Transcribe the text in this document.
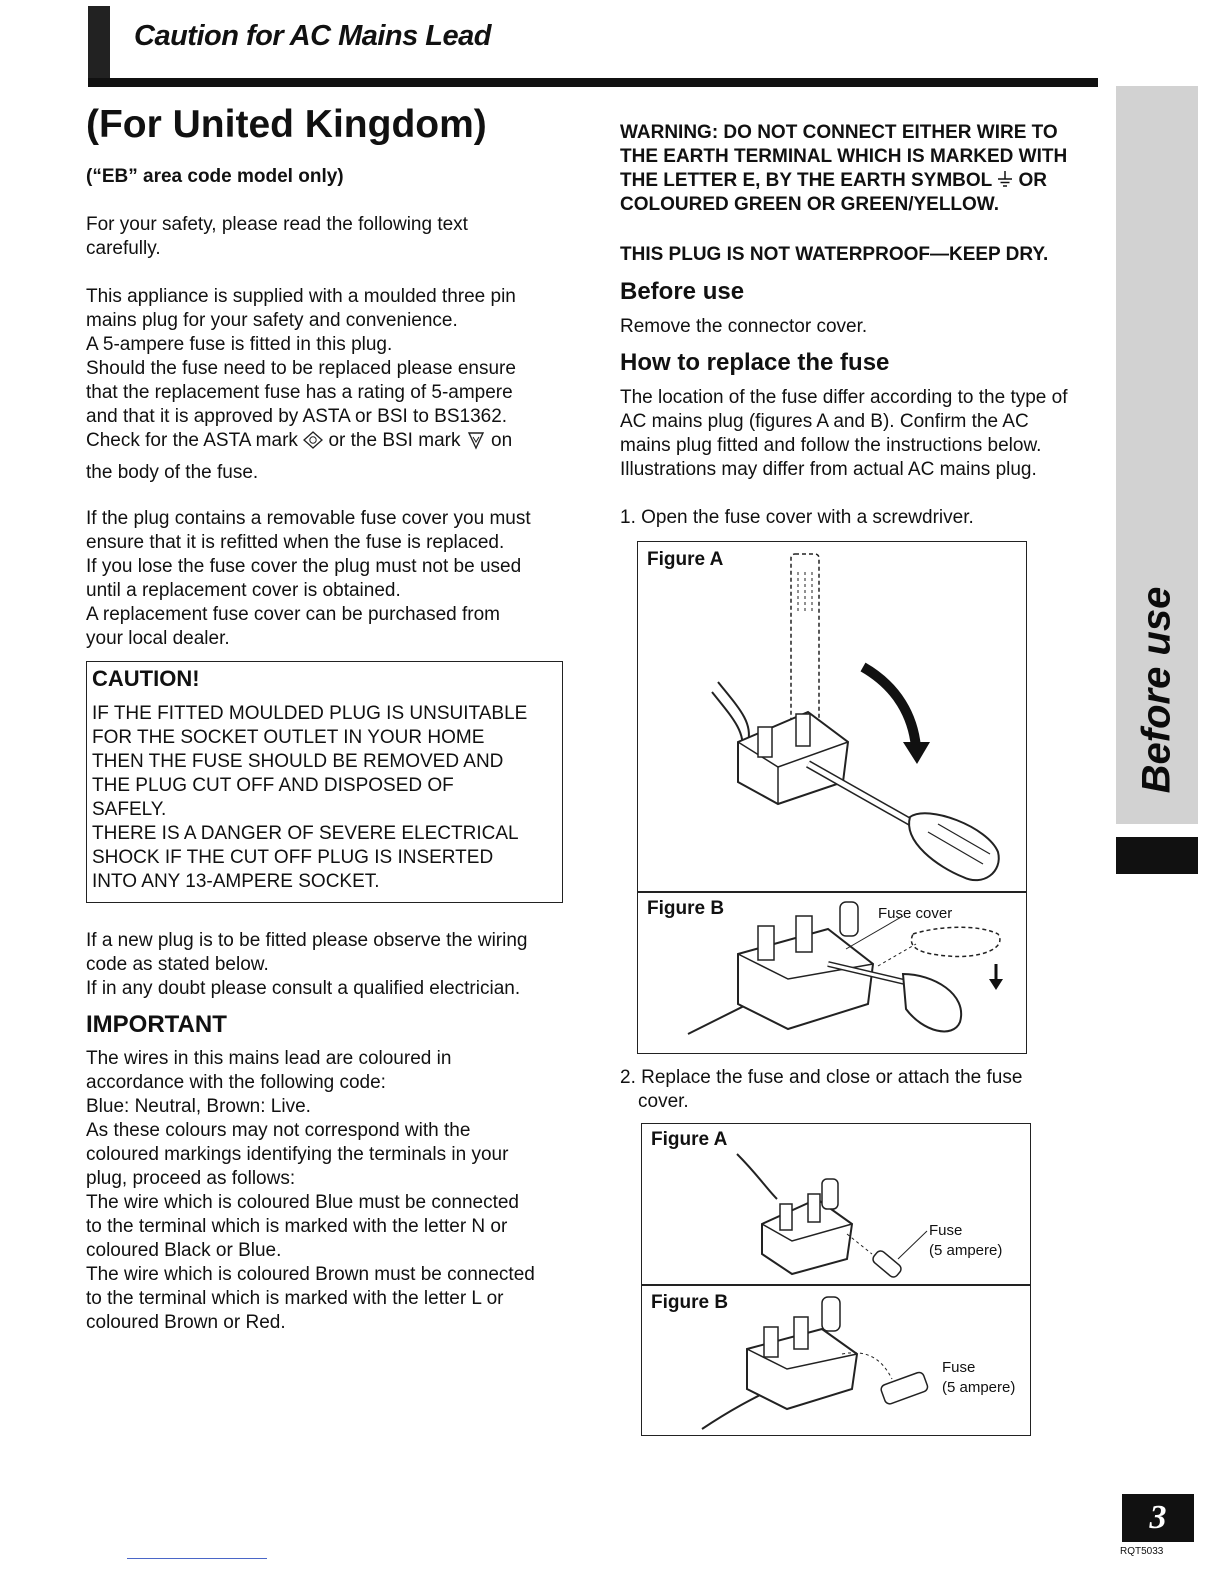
Caution for AC Mains Lead
Before use
(For United Kingdom)
(“EB” area code model only)
For your safety, please read the following text
carefully.
This appliance is supplied with a moulded three pin
mains plug for your safety and convenience.
A 5-ampere fuse is fitted in this plug.
Should the fuse need to be replaced please ensure
that the replacement fuse has a rating of 5-ampere
and that it is approved by ASTA or BSI to BS1362.
Check for the ASTA mark or the BSI mark on
the body of the fuse.
If the plug contains a removable fuse cover you must
ensure that it is refitted when the fuse is replaced.
If you lose the fuse cover the plug must not be used
until a replacement cover is obtained.
A replacement fuse cover can be purchased from
your local dealer.
CAUTION!
IF THE FITTED MOULDED PLUG IS UNSUITABLE
FOR THE SOCKET OUTLET IN YOUR HOME
THEN THE FUSE SHOULD BE REMOVED AND
THE PLUG CUT OFF AND DISPOSED OF
SAFELY.
THERE IS A DANGER OF SEVERE ELECTRICAL
SHOCK IF THE CUT OFF PLUG IS INSERTED
INTO ANY 13-AMPERE SOCKET.
If a new plug is to be fitted please observe the wiring
code as stated below.
If in any doubt please consult a qualified electrician.
IMPORTANT
The wires in this mains lead are coloured in
accordance with the following code:
Blue: Neutral, Brown: Live.
As these colours may not correspond with the
coloured markings identifying the terminals in your
plug, proceed as follows:
The wire which is coloured Blue must be connected
to the terminal which is marked with the letter N or
coloured Black or Blue.
The wire which is coloured Brown must be connected
to the terminal which is marked with the letter L or
coloured Brown or Red.
WARNING: DO NOT CONNECT EITHER WIRE TO
THE EARTH TERMINAL WHICH IS MARKED WITH
THE LETTER E, BY THE EARTH SYMBOL OR
COLOURED GREEN OR GREEN/YELLOW.
THIS PLUG IS NOT WATERPROOF—KEEP DRY.
Before use
Remove the connector cover.
How to replace the fuse
The location of the fuse differ according to the type of
AC mains plug (figures A and B). Confirm the AC
mains plug fitted and follow the instructions below.
Illustrations may differ from actual AC mains plug.
1. Open the fuse cover with a screwdriver.
Figure A
Figure B	Fuse cover
2. Replace the fuse and close or attach the fuse
cover.
Figure A
Fuse
(5 ampere)
Figure B
Fuse
(5 ampere)
3
RQT5033
